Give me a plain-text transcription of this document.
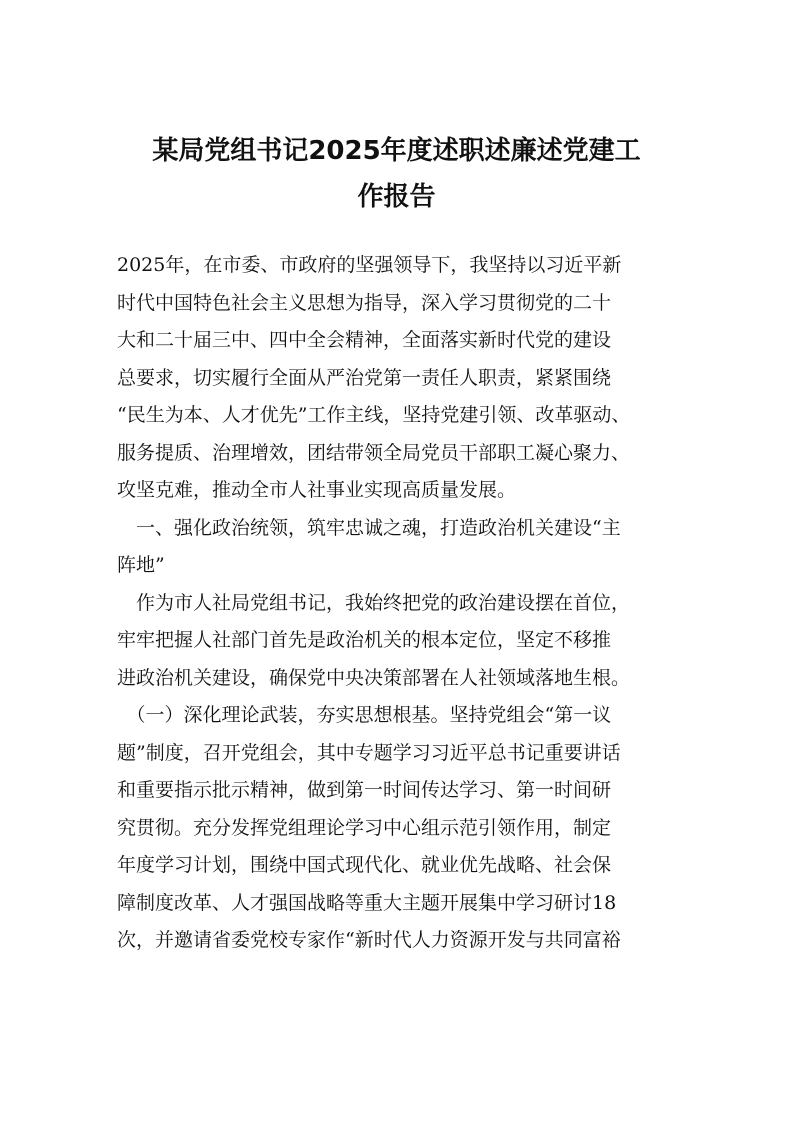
某局党组书记2025年度述职述廉述党建工
作报告

2025年，在市委、市政府的坚强领导下，我坚持以习近平新
时代中国特色社会主义思想为指导，深入学习贯彻党的二十
大和二十届三中、四中全会精神，全面落实新时代党的建设
总要求，切实履行全面从严治党第一责任人职责，紧紧围绕
“民生为本、人才优先”工作主线，坚持党建引领、改革驱动、
服务提质、治理增效，团结带领全局党员干部职工凝心聚力、
攻坚克难，推动全市人社事业实现高质量发展。

　一、强化政治统领，筑牢忠诚之魂，打造政治机关建设“主
阵地”

　作为市人社局党组书记，我始终把党的政治建设摆在首位，
牢牢把握人社部门首先是政治机关的根本定位，坚定不移推
进政治机关建设，确保党中央决策部署在人社领域落地生根。

　（一）深化理论武装，夯实思想根基。坚持党组会“第一议
题”制度，召开党组会，其中专题学习习近平总书记重要讲话
和重要指示批示精神，做到第一时间传达学习、第一时间研
究贯彻。充分发挥党组理论学习中心组示范引领作用，制定
年度学习计划，围绕中国式现代化、就业优先战略、社会保
障制度改革、人才强国战略等重大主题开展集中学习研讨18
次，并邀请省委党校专家作“新时代人力资源开发与共同富裕
